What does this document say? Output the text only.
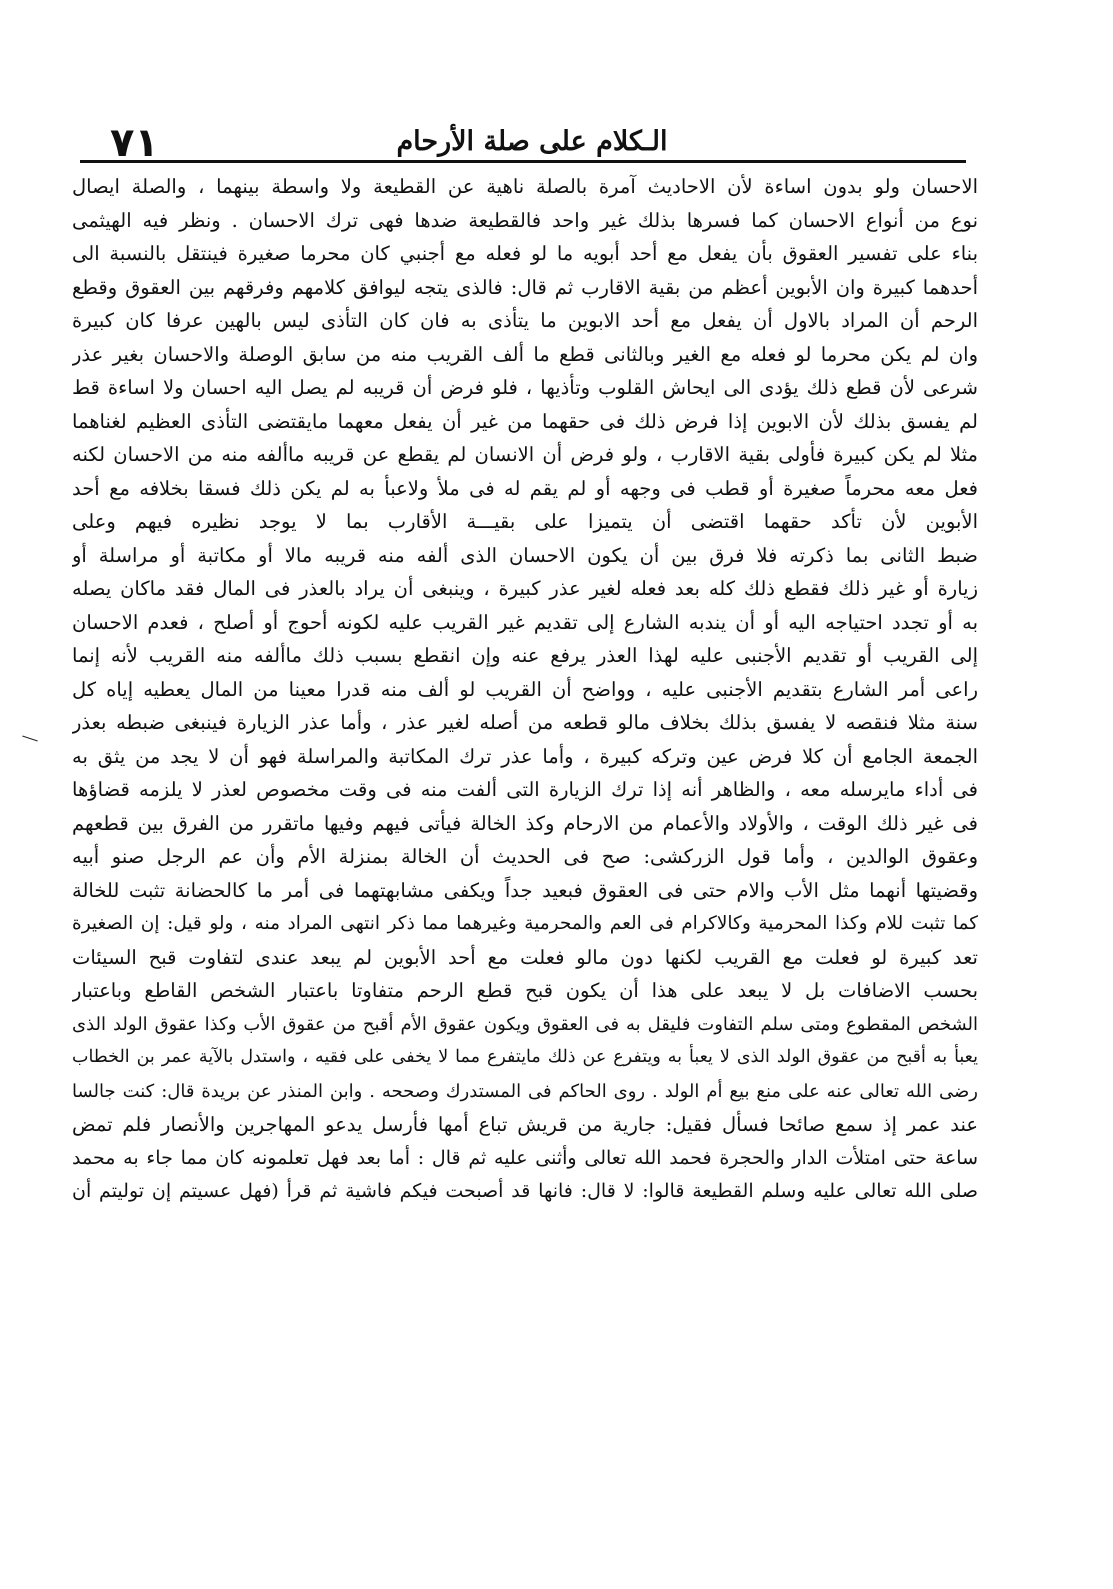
٧١	الـكلام على صلة الأرحام
الاحسان ولو بدون اساءة لأن الاحاديث آمرة بالصلة ناهية عن القطيعة ولا واسطة بينهما ، والصلة ايصال
نوع من أنواع الاحسان كما فسرها بذلك غير واحد فالقطيعة ضدها فهى ترك الاحسان . ونظر فيه الهيثمى
بناء على تفسير العقوق بأن يفعل مع أحد أبويه ما لو فعله مع أجنبي كان محرما صغيرة فينتقل بالنسبة الى
أحدهما كبيرة وان الأبوين أعظم من بقية الاقارب ثم قال: فالذى يتجه ليوافق كلامهم وفرقهم بين العقوق وقطع
الرحم أن المراد بالاول أن يفعل مع أحد الابوين ما يتأذى به فان كان التأذى ليس بالهين عرفا كان كبيرة
وان لم يكن محرما لو فعله مع الغير وبالثانى قطع ما ألف القريب منه من سابق الوصلة والاحسان بغير عذر
شرعى لأن قطع ذلك يؤدى الى ايحاش القلوب وتأذيها ، فلو فرض أن قريبه لم يصل اليه احسان ولا اساءة قط
لم يفسق بذلك لأن الابوين إذا فرض ذلك فى حقهما من غير أن يفعل معهما مايقتضى التأذى العظيم لغناهما
مثلا لم يكن كبيرة فأولى بقية الاقارب ، ولو فرض أن الانسان لم يقطع عن قريبه ماألفه منه من الاحسان لكنه
فعل معه محرماً صغيرة أو قطب فى وجهه أو لم يقم له فى ملأ ولاعبأ به لم يكن ذلك فسقا بخلافه مع أحد
الأبوين لأن تأكد حقهما اقتضى أن يتميزا على بقيـــة الأقارب بما لا يوجد نظيره فيهم وعلى
ضبط الثانى بما ذكرته فلا فرق بين أن يكون الاحسان الذى ألفه منه قريبه مالا أو مكاتبة أو مراسلة أو
زيارة أو غير ذلك فقطع ذلك كله بعد فعله لغير عذر كبيرة ، وينبغى أن يراد بالعذر فى المال فقد ماكان يصله
به أو تجدد احتياجه اليه أو أن يندبه الشارع إلى تقديم غير القريب عليه لكونه أحوج أو أصلح ، فعدم الاحسان
إلى القريب أو تقديم الأجنبى عليه لهذا العذر يرفع عنه وإن انقطع بسبب ذلك ماألفه منه القريب لأنه إنما
راعى أمر الشارع بتقديم الأجنبى عليه ، وواضح أن القريب لو ألف منه قدرا معينا من المال يعطيه إياه كل
سنة مثلا فنقصه لا يفسق بذلك بخلاف مالو قطعه من أصله لغير عذر ، وأما عذر الزيارة فينبغى ضبطه بعذر
الجمعة الجامع أن كلا فرض عين وتركه كبيرة ، وأما عذر ترك المكاتبة والمراسلة فهو أن لا يجد من يثق به
فى أداء مايرسله معه ، والظاهر أنه إذا ترك الزيارة التى ألفت منه فى وقت مخصوص لعذر لا يلزمه قضاؤها
فى غير ذلك الوقت ، والأولاد والأعمام من الارحام وكذ الخالة فيأتى فيهم وفيها ماتقرر من الفرق بين قطعهم
وعقوق الوالدين ، وأما قول الزركشى: صح فى الحديث أن الخالة بمنزلة الأم وأن عم الرجل صنو أبيه
وقضيتها أنهما مثل الأب والام حتى فى العقوق فبعيد جداً ويكفى مشابهتهما فى أمر ما كالحضانة تثبت للخالة
كما تثبت للام وكذا المحرمية وكالاكرام فى العم والمحرمية وغيرهما مما ذكر انتهى المراد منه ، ولو قيل: إن الصغيرة
تعد كبيرة لو فعلت مع القريب لكنها دون مالو فعلت مع أحد الأبوين لم يبعد عندى لتفاوت قبح السيئات
بحسب الاضافات بل لا يبعد على هذا أن يكون قبح قطع الرحم متفاوتا باعتبار الشخص القاطع وباعتبار
الشخص المقطوع ومتى سلم التفاوت فليقل به فى العقوق ويكون عقوق الأم أقبح من عقوق الأب وكذا عقوق الولد الذى
يعبأ به أقبح من عقوق الولد الذى لا يعبأ به ويتفرع عن ذلك مايتفرع مما لا يخفى على فقيه ، واستدل بالآية عمر بن الخطاب
رضى الله تعالى عنه على منع بيع أم الولد . روى الحاكم فى المستدرك وصححه . وابن المنذر عن بريدة قال: كنت جالسا
عند عمر إذ سمع صائحا فسأل فقيل: جارية من قريش تباع أمها فأرسل يدعو المهاجرين والأنصار فلم تمض
ساعة حتى امتلأت الدار والحجرة فحمد الله تعالى وأثنى عليه ثم قال : أما بعد فهل تعلمونه كان مما جاء به محمد
صلى الله تعالى عليه وسلم القطيعة قالوا: لا قال: فانها قد أصبحت فيكم فاشية ثم قرأ (فهل عسيتم إن توليتم أن
